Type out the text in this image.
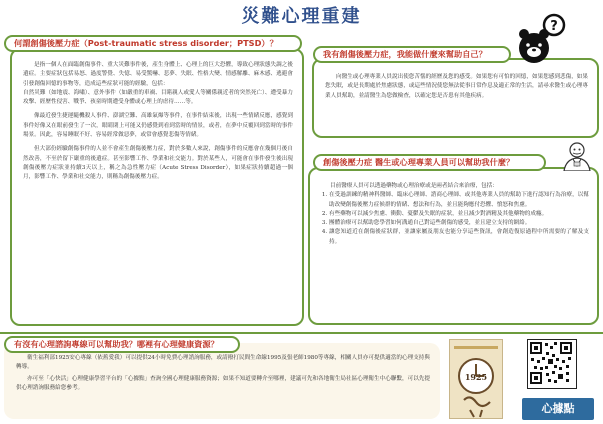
災難心理重建
何謂創傷後壓力症（Post-traumatic stress disorder；PTSD）？

是指一個人在面臨創傷事件、重大災難事件後，產生身體上、心理上的巨大恐懼，導致心理狀態失調之後遺症。主要症狀包括易怒、過度警覺、失憶、易受驚嚇、悲夢、失眠、性格大變、情感解離、麻木感、逃避會引發創傷回憶的事物等，造成這些症狀可能的經驗，包括：

自然災難（如地震、海嘯）、意外事件（如嚴重的車禍、目睹親人或愛人等關係親近者的突然死亡）、遭受暴力攻擊、經歷性侵害、戰爭、孩童時期遭受身體或心理上的虐待……等。

像最近發生捷運隨機殺人事件、澎湖空難、高雄氣爆等事件，在事件結束後，出現一些情緒反應，感覺到事件好像又在眼前發生了一次，眼睛閉上可能又仍感覺到看到當時的情景，或者，在夢中反覆回到當時的事件場景。因此，容易睡眠不好、容易經常做惡夢，或常會感覺悲傷等情緒。

但大部份經驗創傷事件的人並不會產生創傷後壓力症，對於多數人來說，創傷事件的反應會在幾個月後自然改善，不至於留下嚴重的後遺症。甚至影響工作、學業和社交能力。對於某些人，可能會在事件發生後出現創傷後壓力症狀並持續3天以上，稱之為急性壓力症（Acute Stress Disorder），如果症狀持續超過一個月，影響工作、學業和社交能力，則稱為創傷後壓力症。

我有創傷後壓力症，我能做什麼來幫助自己？

向醫生或心理專業人員說出使您苦惱的經歷及您的感受。如果您有可怕的回憶，如果您感到悲傷，如果您失眠，或是長期處於焦慮狀態，或這些情況使您無法從事日常作息及適正常的生活，請尋求醫生或心理專業人員幫助，並請醫生為您做檢查，以確定您是否患有其他疾病。

?
創傷後壓力症 醫生或心理專業人員可以幫助我什麼？

目前醫療人員可以透過藥物或心理治療或是兩者結合來治療，包括：

1. 在受過訓練的精神科醫師、臨床心理師、諮商心理師、或其他專業人員的幫助下進行認知行為治療，以幫助改變創傷後壓力症候群的情緒、想法和行為，並且能夠應付恐懼、憤怒和焦慮。
2. 有些藥物可以減少焦慮、衝動、憂鬱及失眠的症狀，並且減少對酒精及其他藥物的成癮。
3. 團體治療可以幫助您學習如何溝通自己對這些創傷的感受，並且建立支持的網絡。
4. 讓您知道近在創傷後症狀群，並讓家屬及朋友也能分享這些資訊，會創造復原過程中所需要的了解及支持。

衛生福利部1925安心專線（依舊愛我）可以提供24小時免費心理諮詢服務，或請撥打民間生命線1995及張老師1980等專線，相關人員亦可提供適當的心理支持與轉導。

亦可至「心快活」心理健康學習平台的「心據點」查詢全國心理健康服務資源；如果不知道要轉介至哪裡，建議可先和各地衛生局社區心理衛生中心聯繫，可以先提供心理諮詢服務給您參考。

有沒有心理諮詢專線可以幫助我？哪裡有心理健康資源？
1925
心據點
